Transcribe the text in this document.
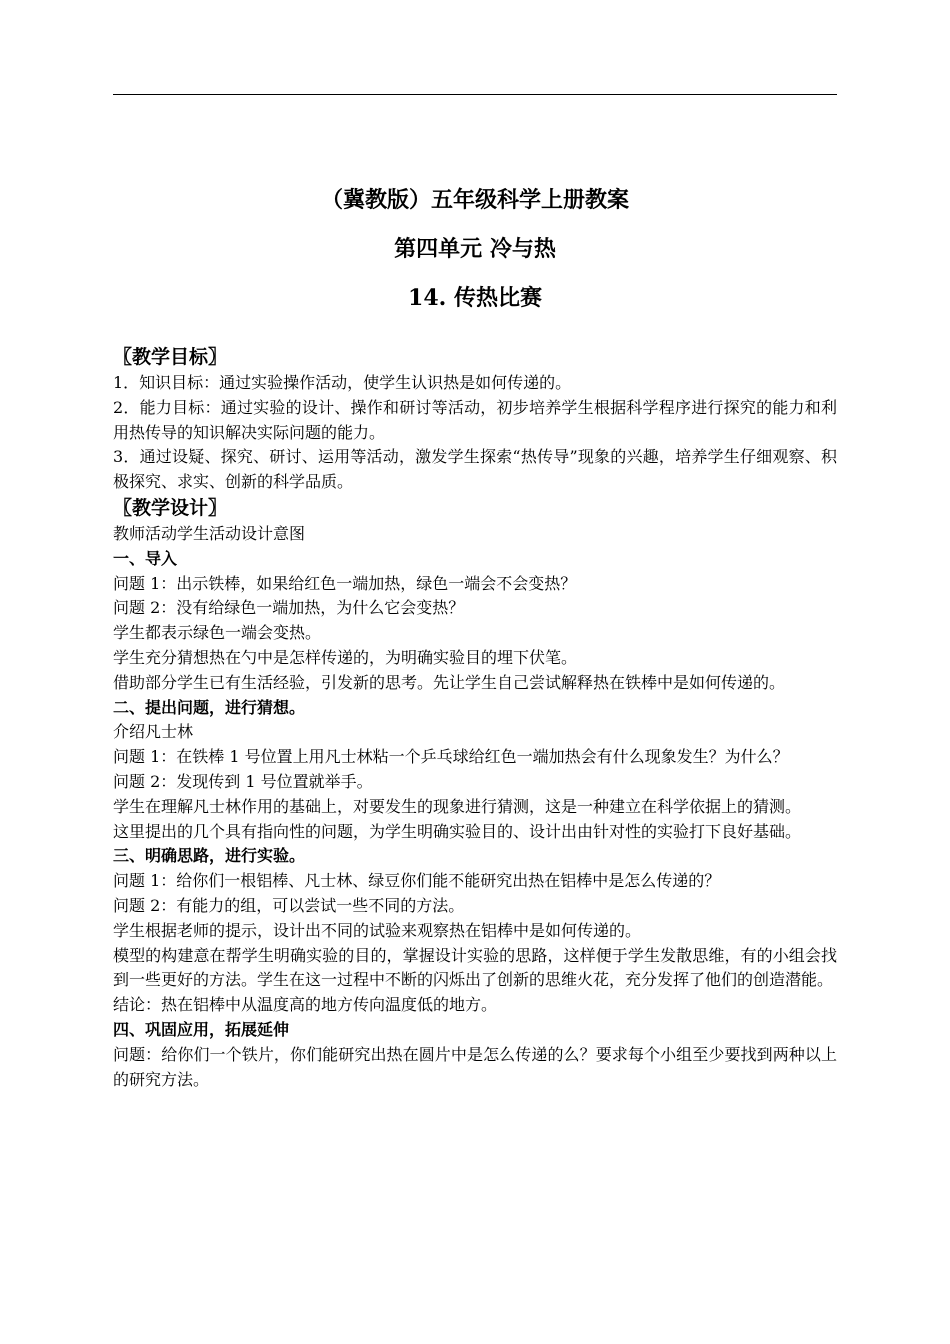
（冀教版）五年级科学上册教案
第四单元 冷与热
14. 传热比赛

〖教学目标〗

1．知识目标：通过实验操作活动，使学生认识热是如何传递的。

2．能力目标：通过实验的设计、操作和研讨等活动，初步培养学生根据科学程序进行探究的能力和利用热传导的知识解决实际问题的能力。

3．通过设疑、探究、研讨、运用等活动，激发学生探索“热传导”现象的兴趣，培养学生仔细观察、积极探究、求实、创新的科学品质。

〖教学设计〗

教师活动学生活动设计意图

一、导入

问题 1：出示铁棒，如果给红色一端加热，绿色一端会不会变热？

问题 2：没有给绿色一端加热，为什么它会变热？

学生都表示绿色一端会变热。

学生充分猜想热在勺中是怎样传递的，为明确实验目的埋下伏笔。

借助部分学生已有生活经验，引发新的思考。先让学生自己尝试解释热在铁棒中是如何传递的。

二、提出问题，进行猜想。

介绍凡士林

问题 1：在铁棒 1 号位置上用凡士林粘一个乒乓球给红色一端加热会有什么现象发生？为什么？

问题 2：发现传到 1 号位置就举手。

学生在理解凡士林作用的基础上，对要发生的现象进行猜测，这是一种建立在科学依据上的猜测。

这里提出的几个具有指向性的问题，为学生明确实验目的、设计出由针对性的实验打下良好基础。

三、明确思路，进行实验。

问题 1：给你们一根铝棒、凡士林、绿豆你们能不能研究出热在铝棒中是怎么传递的？

问题 2：有能力的组，可以尝试一些不同的方法。

学生根据老师的提示，设计出不同的试验来观察热在铝棒中是如何传递的。

模型的构建意在帮学生明确实验的目的，掌握设计实验的思路，这样便于学生发散思维，有的小组会找到一些更好的方法。学生在这一过程中不断的闪烁出了创新的思维火花，充分发挥了他们的创造潜能。

结论：热在铝棒中从温度高的地方传向温度低的地方。

四、巩固应用，拓展延伸

问题：给你们一个铁片，你们能研究出热在圆片中是怎么传递的么？要求每个小组至少要找到两种以上的研究方法。
